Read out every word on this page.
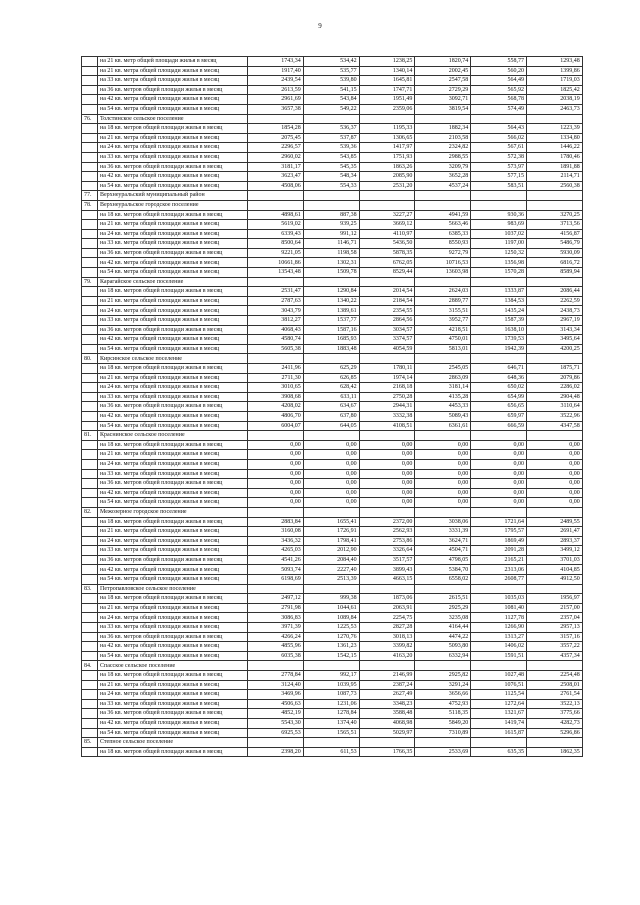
9
	на 21 кв. метр общей площади жилья в месяц	1743,34	534,42	1238,25	1820,74	558,77	1293,48
	на 21 кв. метра общей площади жилья в месяц	1917,40	535,77	1340,14	2002,45	560,20	1399,86
	на 33 кв. метра общей площади жилья в месяц	2439,54	539,80	1645,81	2547,58	564,49	1719,03
	на 36 кв. метров общей площади жилья в месяц	2613,59	541,15	1747,71	2729,29	565,92	1825,42
	на 42 кв. метра общей площади жилья в месяц	2961,69	543,84	1951,49	3092,71	568,78	2038,19
	на 54 кв. метра общей площади жилья в месяц	3657,38	549,22	2359,06	3819,54	574,49	2463,73
76.	Толстинское сельское поселение						
	на 18 кв. метров общей площади жилья в месяц	1854,28	536,37	1195,33	1882,34	564,43	1223,39
	на 21 кв. метра общей площади жилья в месяц	2075,45	537,87	1306,65	2103,58	566,02	1334,80
	на 24 кв. метра общей площади жилья в месяц	2296,57	539,36	1417,97	2324,82	567,61	1446,22
	на 33 кв. метра общей площади жилья в месяц	2960,02	543,85	1751,93	2988,55	572,38	1780,46
	на 36 кв. метров общей площади жилья в месяц	3181,17	545,35	1863,26	3209,79	573,97	1891,88
	на 42 кв. метра общей площади жилья в месяц	3623,47	548,34	2085,90	3652,28	577,15	2114,71
	на 54 кв. метра общей площади жилья в месяц	4508,06	554,33	2531,20	4537,24	583,51	2560,38
77.	Верхнеуральский муниципальный район						
78.	Верхнеуральское городское поселение						
	на 18 кв. метров общей площади жилья в месяц	4898,61	887,38	3227,27	4941,59	930,36	3270,25
	на 21 кв. метра общей площади жилья в месяц	5619,02	939,25	3669,12	5663,46	983,69	3713,56
	на 24 кв. метра общей площади жилья в месяц	6339,43	991,12	4110,97	6385,33	1037,02	4156,87
	на 33 кв. метра общей площади жилья в месяц	8500,64	1146,71	5436,50	8550,93	1197,00	5486,79
	на 36 кв. метров общей площади жилья в месяц	9221,05	1198,58	5878,35	9272,79	1250,32	5930,09
	на 42 кв. метра общей площади жилья в месяц	10661,86	1302,31	6762,05	10716,53	1356,98	6816,72
	на 54 кв. метра общей площади жилья в месяц	13543,48	1509,78	8529,44	13603,98	1570,28	8589,94
79.	Карагайское сельское поселение						
	на 18 кв. метров общей площади жилья в месяц	2531,47	1290,84	2014,54	2624,03	1333,87	2086,44
	на 21 кв. метра общей площади жилья в месяц	2787,63	1340,22	2184,54	2889,77	1384,53	2262,59
	на 24 кв. метра общей площади жилья в месяц	3043,79	1389,61	2354,55	3155,51	1435,24	2438,73
	на 33 кв. метра общей площади жилья в месяц	3812,27	1537,77	2864,56	3952,77	1587,39	2967,19
	на 36 кв. метров общей площади жилья в месяц	4068,43	1587,16	3034,57	4218,51	1638,10	3143,34
	на 42 кв. метра общей площади жилья в месяц	4580,74	1685,93	3374,57	4750,01	1739,53	3495,64
	на 54 кв. метра общей площади жилья в месяц	5605,38	1883,48	4054,59	5813,01	1942,39	4200,25
80.	Кирсинское сельское поселение						
	на 18 кв. метров общей площади жилья в месяц	2411,96	625,29	1780,11	2545,05	646,71	1875,71
	на 21 кв. метра общей площади жилья в месяц	2711,30	626,85	1974,14	2863,09	648,36	2079,86
	на 24 кв. метра общей площади жилья в месяц	3010,65	628,42	2168,18	3181,14	650,02	2286,02
	на 33 кв. метра общей площади жилья в месяц	3908,68	633,11	2750,28	4135,28	654,99	2904,48
	на 36 кв. метров общей площади жилья в месяц	4208,02	634,67	2944,31	4453,33	656,65	3110,64
	на 42 кв. метра общей площади жилья в месяц	4806,70	637,80	3332,38	5089,43	659,97	3522,96
	на 54 кв. метра общей площади жилья в месяц	6004,07	644,05	4108,51	6361,61	666,59	4347,58
81.	Краснинское сельское поселение						
	на 18 кв. метров общей площади жилья в месяц	0,00	0,00	0,00	0,00	0,00	0,00
	на 21 кв. метра общей площади жилья в месяц	0,00	0,00	0,00	0,00	0,00	0,00
	на 24 кв. метра общей площади жилья в месяц	0,00	0,00	0,00	0,00	0,00	0,00
	на 33 кв. метра общей площади жилья в месяц	0,00	0,00	0,00	0,00	0,00	0,00
	на 36 кв. метров общей площади жилья в месяц	0,00	0,00	0,00	0,00	0,00	0,00
	на 42 кв. метра общей площади жилья в месяц	0,00	0,00	0,00	0,00	0,00	0,00
	на 54 кв. метра общей площади жилья в месяц	0,00	0,00	0,00	0,00	0,00	0,00
82.	Межозерное городское поселение						
	на 18 кв. метров общей площади жилья в месяц	2883,84	1655,41	2372,00	3038,06	1721,64	2489,55
	на 21 кв. метра общей площади жилья в месяц	3160,08	1726,91	2562,93	3331,39	1795,57	2691,47
	на 24 кв. метра общей площади жилья в месяц	3436,32	1798,41	2753,86	3624,71	1869,49	2893,37
	на 33 кв. метра общей площади жилья в месяц	4265,03	2012,90	3326,64	4504,71	2091,28	3499,12
	на 36 кв. метров общей площади жилья в месяц	4541,26	2084,40	3517,57	4798,05	2165,21	3701,03
	на 42 кв. метра общей площади жилья в месяц	5093,74	2227,40	3899,43	5384,70	2313,06	4104,85
	на 54 кв. метра общей площади жилья в месяц	6198,69	2513,39	4663,15	6558,02	2608,77	4912,50
83.	Петропавловское сельское поселение						
	на 18 кв. метров общей площади жилья в месяц	2497,12	999,38	1873,06	2615,51	1035,03	1956,97
	на 21 кв. метра общей площади жилья в месяц	2791,98	1044,61	2063,91	2925,29	1081,40	2157,00
	на 24 кв. метра общей площади жилья в месяц	3086,83	1089,84	2254,75	3235,08	1127,78	2357,04
	на 33 кв. метра общей площади жилья в месяц	3971,39	1225,53	2827,28	4164,44	1266,90	2957,13
	на 36 кв. метров общей площади жилья в месяц	4266,24	1270,76	3018,13	4474,22	1313,27	3157,16
	на 42 кв. метра общей площади жилья в месяц	4855,96	1361,23	3399,82	5093,80	1406,02	3557,22
	на 54 кв. метра общей площади жилья в месяц	6035,38	1542,15	4163,20	6332,94	1591,51	4357,34
84.	Спасское сельское поселение						
	на 18 кв. метров общей площади жилья в месяц	2778,84	992,17	2146,99	2925,82	1027,48	2254,48
	на 21 кв. метра общей площади жилья в месяц	3124,40	1039,95	2387,24	3291,24	1076,51	2508,01
	на 24 кв. метра общей площади жилья в месяц	3469,96	1087,73	2627,49	3656,66	1125,54	2761,54
	на 33 кв. метра общей площади жилья в месяц	4506,63	1231,06	3348,23	4752,93	1272,64	3522,13
	на 36 кв. метров общей площади жилья в месяц	4852,19	1278,84	3588,48	5118,35	1321,67	3775,66
	на 42 кв. метра общей площади жилья в месяц	5543,30	1374,40	4068,98	5849,20	1419,74	4282,73
	на 54 кв. метра общей площади жилья в месяц	6925,53	1565,51	5029,97	7310,89	1615,87	5296,86
85.	Степное сельское поселение						
	на 18 кв. метров общей площади жилья в месяц	2398,20	611,53	1766,35	2533,69	635,35	1862,35
